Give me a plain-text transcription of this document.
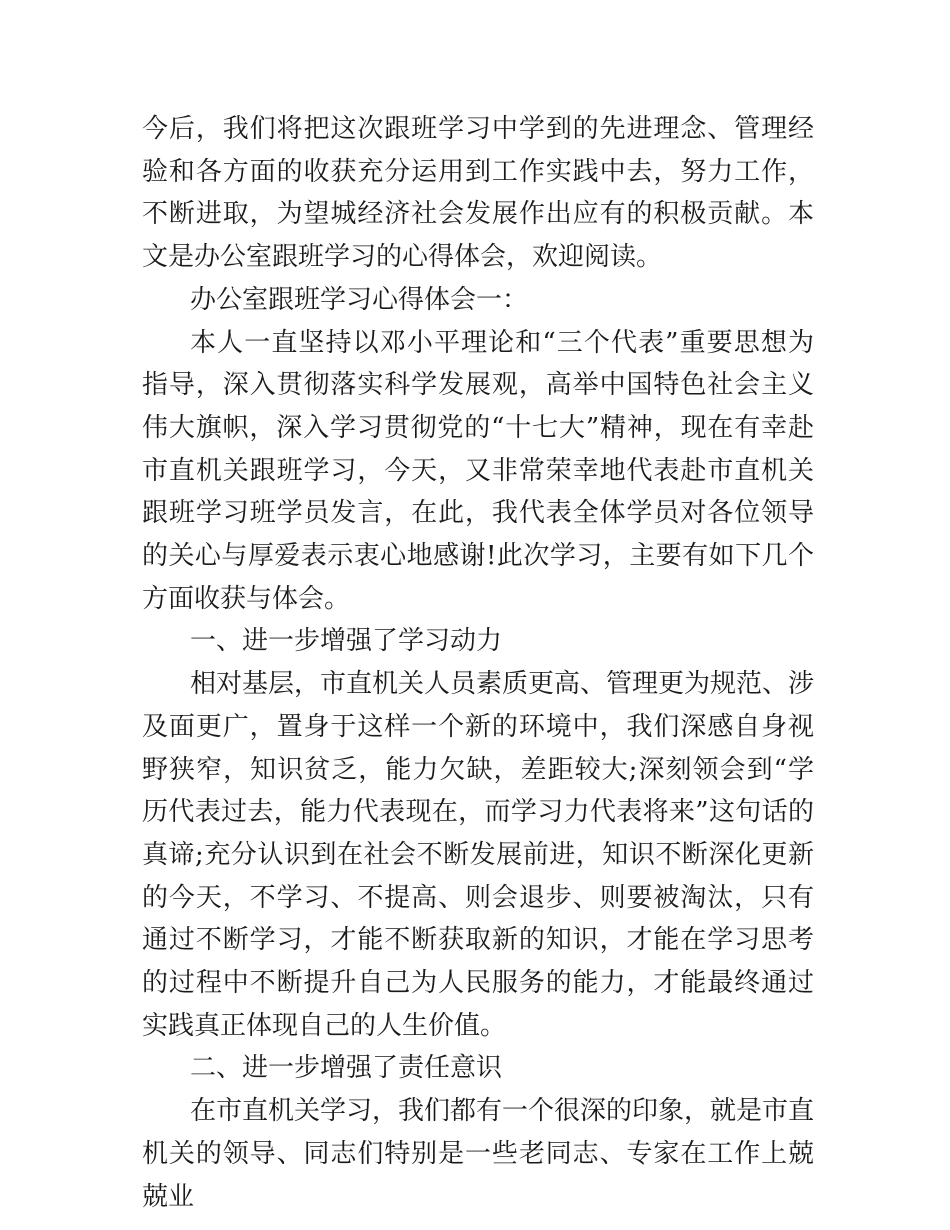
今后，我们将把这次跟班学习中学到的先进理念、管理经验和各方面的收获充分运用到工作实践中去，努力工作，不断进取，为望城经济社会发展作出应有的积极贡献。本文是办公室跟班学习的心得体会，欢迎阅读。

办公室跟班学习心得体会一：

本人一直坚持以邓小平理论和“三个代表”重要思想为指导，深入贯彻落实科学发展观，高举中国特色社会主义伟大旗帜，深入学习贯彻党的“十七大”精神，现在有幸赴市直机关跟班学习，今天，又非常荣幸地代表赴市直机关跟班学习班学员发言，在此，我代表全体学员对各位领导的关心与厚爱表示衷心地感谢!此次学习，主要有如下几个方面收获与体会。

一、进一步增强了学习动力

相对基层，市直机关人员素质更高、管理更为规范、涉及面更广，置身于这样一个新的环境中，我们深感自身视野狭窄，知识贫乏，能力欠缺，差距较大;深刻领会到“学历代表过去，能力代表现在，而学习力代表将来”这句话的真谛;充分认识到在社会不断发展前进，知识不断深化更新的今天，不学习、不提高、则会退步、则要被淘汰，只有通过不断学习，才能不断获取新的知识，才能在学习思考的过程中不断提升自己为人民服务的能力，才能最终通过实践真正体现自己的人生价值。

二、进一步增强了责任意识

在市直机关学习，我们都有一个很深的印象，就是市直机关的领导、同志们特别是一些老同志、专家在工作上兢兢业
